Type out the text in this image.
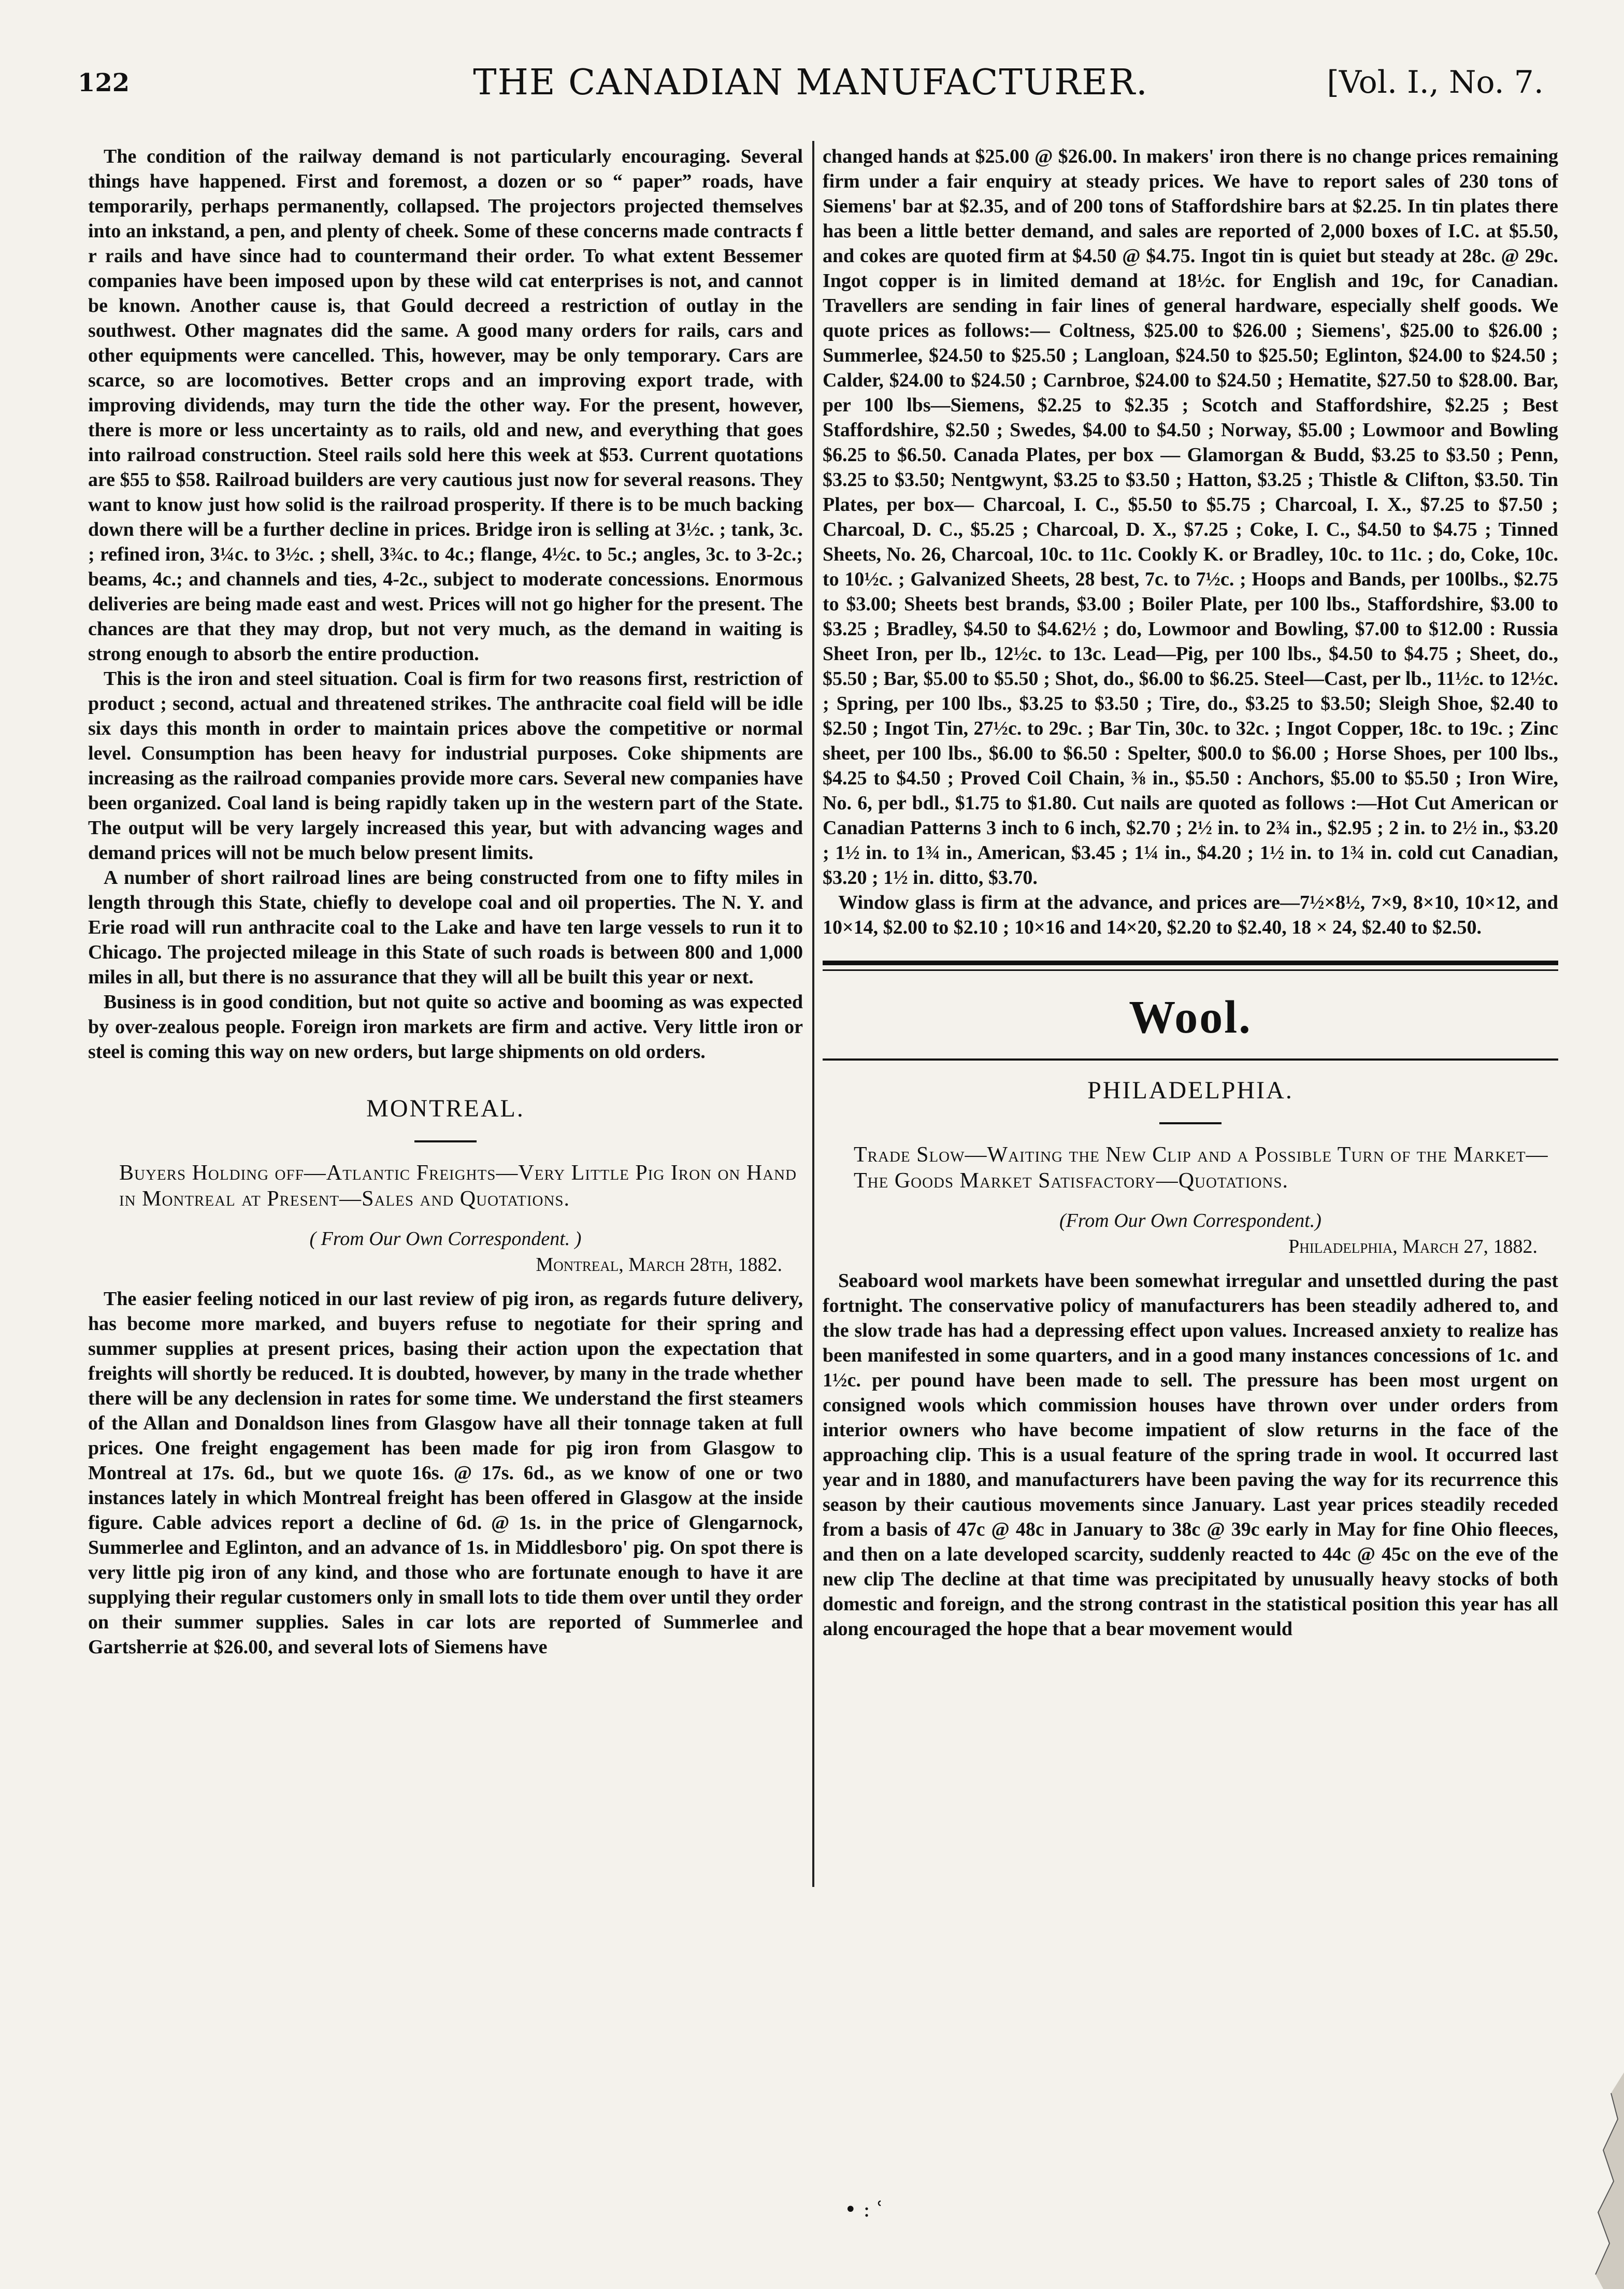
122	THE CANADIAN MANUFACTURER.	[Vol. I., No. 7.

The condition of the railway demand is not particularly encouraging. Several things have happened. First and foremost, a dozen or so “ paper” roads, have temporarily, perhaps permanently, collapsed. The projectors projected themselves into an inkstand, a pen, and plenty of cheek. Some of these concerns made contracts f r rails and have since had to countermand their order. To what extent Bessemer companies have been imposed upon by these wild cat enterprises is not, and cannot be known. Another cause is, that Gould decreed a restriction of outlay in the southwest. Other magnates did the same. A good many orders for rails, cars and other equipments were cancelled. This, however, may be only temporary. Cars are scarce, so are locomotives. Better crops and an improving export trade, with improving dividends, may turn the tide the other way. For the present, however, there is more or less uncertainty as to rails, old and new, and everything that goes into railroad construction. Steel rails sold here this week at $53. Current quotations are $55 to $58. Railroad builders are very cautious just now for several reasons. They want to know just how solid is the railroad prosperity. If there is to be much backing down there will be a further decline in prices. Bridge iron is selling at 3½c. ; tank, 3c. ; refined iron, 3¼c. to 3½c. ; shell, 3¾c. to 4c.; flange, 4½c. to 5c.; angles, 3c. to 3-2c.; beams, 4c.; and channels and ties, 4-2c., subject to moderate concessions. Enormous deliveries are being made east and west. Prices will not go higher for the present. The chances are that they may drop, but not very much, as the demand in waiting is strong enough to absorb the entire production.

This is the iron and steel situation. Coal is firm for two reasons first, restriction of product ; second, actual and threatened strikes. The anthracite coal field will be idle six days this month in order to maintain prices above the competitive or normal level. Consumption has been heavy for industrial purposes. Coke shipments are increasing as the railroad companies provide more cars. Several new companies have been organized. Coal land is being rapidly taken up in the western part of the State. The output will be very largely increased this year, but with advancing wages and demand prices will not be much below present limits.

A number of short railroad lines are being constructed from one to fifty miles in length through this State, chiefly to develope coal and oil properties. The N. Y. and Erie road will run anthracite coal to the Lake and have ten large vessels to run it to Chicago. The projected mileage in this State of such roads is between 800 and 1,000 miles in all, but there is no assurance that they will all be built this year or next.

Business is in good condition, but not quite so active and booming as was expected by over-zealous people. Foreign iron markets are firm and active. Very little iron or steel is coming this way on new orders, but large shipments on old orders.

MONTREAL.

Buyers Holding off—Atlantic Freights—Very Little Pig Iron on Hand in Montreal at Present—Sales and Quotations.

( From Our Own Correspondent. )
Montreal, March 28th, 1882.

The easier feeling noticed in our last review of pig iron, as regards future delivery, has become more marked, and buyers refuse to negotiate for their spring and summer supplies at present prices, basing their action upon the expectation that freights will shortly be reduced. It is doubted, however, by many in the trade whether there will be any declension in rates for some time. We understand the first steamers of the Allan and Donaldson lines from Glasgow have all their tonnage taken at full prices. One freight engagement has been made for pig iron from Glasgow to Montreal at 17s. 6d., but we quote 16s. @ 17s. 6d., as we know of one or two instances lately in which Montreal freight has been offered in Glasgow at the inside figure. Cable advices report a decline of 6d. @ 1s. in the price of Glengarnock, Summerlee and Eglinton, and an advance of 1s. in Middlesboro' pig. On spot there is very little pig iron of any kind, and those who are fortunate enough to have it are supplying their regular customers only in small lots to tide them over until they order on their summer supplies. Sales in car lots are reported of Summerlee and Gartsherrie at $26.00, and several lots of Siemens have

changed hands at $25.00 @ $26.00. In makers' iron there is no change prices remaining firm under a fair enquiry at steady prices. We have to report sales of 230 tons of Siemens' bar at $2.35, and of 200 tons of Staffordshire bars at $2.25. In tin plates there has been a little better demand, and sales are reported of 2,000 boxes of I.C. at $5.50, and cokes are quoted firm at $4.50 @ $4.75. Ingot tin is quiet but steady at 28c. @ 29c. Ingot copper is in limited demand at 18½c. for English and 19c, for Canadian. Travellers are sending in fair lines of general hardware, especially shelf goods. We quote prices as follows:— Coltness, $25.00 to $26.00 ; Siemens', $25.00 to $26.00 ; Summerlee, $24.50 to $25.50 ; Langloan, $24.50 to $25.50; Eglinton, $24.00 to $24.50 ; Calder, $24.00 to $24.50 ; Carnbroe, $24.00 to $24.50 ; Hematite, $27.50 to $28.00. Bar, per 100 lbs—Siemens, $2.25 to $2.35 ; Scotch and Staffordshire, $2.25 ; Best Staffordshire, $2.50 ; Swedes, $4.00 to $4.50 ; Norway, $5.00 ; Lowmoor and Bowling $6.25 to $6.50. Canada Plates, per box — Glamorgan & Budd, $3.25 to $3.50 ; Penn, $3.25 to $3.50; Nentgwynt, $3.25 to $3.50 ; Hatton, $3.25 ; Thistle & Clifton, $3.50. Tin Plates, per box— Charcoal, I. C., $5.50 to $5.75 ; Charcoal, I. X., $7.25 to $7.50 ; Charcoal, D. C., $5.25 ; Charcoal, D. X., $7.25 ; Coke, I. C., $4.50 to $4.75 ; Tinned Sheets, No. 26, Charcoal, 10c. to 11c. Cookly K. or Bradley, 10c. to 11c. ; do, Coke, 10c. to 10½c. ; Galvanized Sheets, 28 best, 7c. to 7½c. ; Hoops and Bands, per 100lbs., $2.75 to $3.00; Sheets best brands, $3.00 ; Boiler Plate, per 100 lbs., Staffordshire, $3.00 to $3.25 ; Bradley, $4.50 to $4.62½ ; do, Lowmoor and Bowling, $7.00 to $12.00 : Russia Sheet Iron, per lb., 12½c. to 13c. Lead—Pig, per 100 lbs., $4.50 to $4.75 ; Sheet, do., $5.50 ; Bar, $5.00 to $5.50 ; Shot, do., $6.00 to $6.25. Steel—Cast, per lb., 11½c. to 12½c. ; Spring, per 100 lbs., $3.25 to $3.50 ; Tire, do., $3.25 to $3.50; Sleigh Shoe, $2.40 to $2.50 ; Ingot Tin, 27½c. to 29c. ; Bar Tin, 30c. to 32c. ; Ingot Copper, 18c. to 19c. ; Zinc sheet, per 100 lbs., $6.00 to $6.50 : Spelter, $00.0 to $6.00 ; Horse Shoes, per 100 lbs., $4.25 to $4.50 ; Proved Coil Chain, ⅜ in., $5.50 : Anchors, $5.00 to $5.50 ; Iron Wire, No. 6, per bdl., $1.75 to $1.80. Cut nails are quoted as follows :—Hot Cut American or Canadian Patterns 3 inch to 6 inch, $2.70 ; 2½ in. to 2¾ in., $2.95 ; 2 in. to 2½ in., $3.20 ; 1½ in. to 1¾ in., American, $3.45 ; 1¼ in., $4.20 ; 1½ in. to 1¾ in. cold cut Canadian, $3.20 ; 1½ in. ditto, $3.70.

Window glass is firm at the advance, and prices are—7½×8½, 7×9, 8×10, 10×12, and 10×14, $2.00 to $2.10 ; 10×16 and 14×20, $2.20 to $2.40, 18 × 24, $2.40 to $2.50.

Wool.
PHILADELPHIA.

Trade Slow—Waiting the New Clip and a Possible Turn of the Market—The Goods Market Satisfactory—Quotations.

(From Our Own Correspondent.)
Philadelphia, March 27, 1882.

Seaboard wool markets have been somewhat irregular and unsettled during the past fortnight. The conservative policy of manufacturers has been steadily adhered to, and the slow trade has had a depressing effect upon values. Increased anxiety to realize has been manifested in some quarters, and in a good many instances concessions of 1c. and 1½c. per pound have been made to sell. The pressure has been most urgent on consigned wools which commission houses have thrown over under orders from interior owners who have become impatient of slow returns in the face of the approaching clip. This is a usual feature of the spring trade in wool. It occurred last year and in 1880, and manufacturers have been paving the way for its recurrence this season by their cautious movements since January. Last year prices steadily receded from a basis of 47c @ 48c in January to 38c @ 39c early in May for fine Ohio fleeces, and then on a late developed scarcity, suddenly reacted to 44c @ 45c on the eve of the new clip The decline at that time was precipitated by unusually heavy stocks of both domestic and foreign, and the strong contrast in the statistical position this year has all along encouraged the hope that a bear movement would

• : ʿ
